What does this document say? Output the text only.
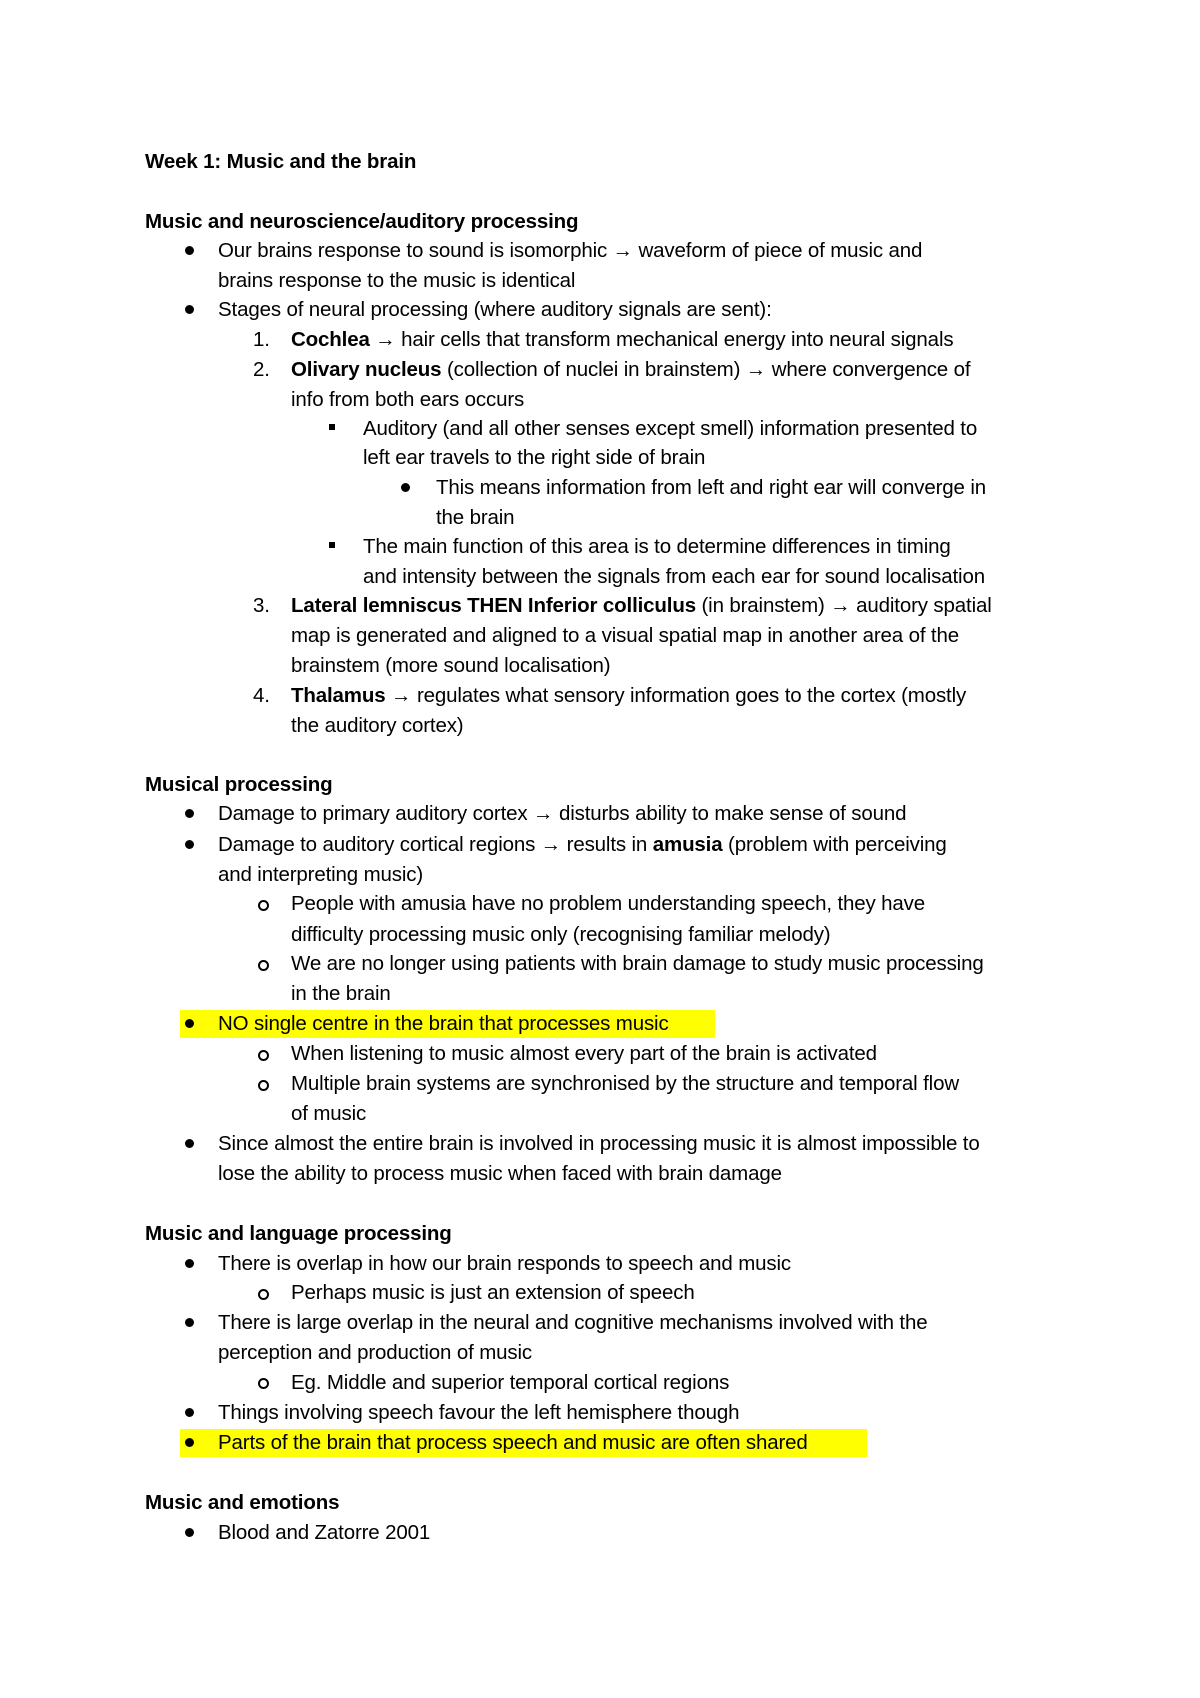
Week 1: Music and the brain
Music and neuroscience/auditory processing
Our brains response to sound is isomorphic → waveform of piece of music and
brains response to the music is identical
Stages of neural processing (where auditory signals are sent):
1. Cochlea → hair cells that transform mechanical energy into neural signals
2. Olivary nucleus (collection of nuclei in brainstem) → where convergence of
info from both ears occurs
Auditory (and all other senses except smell) information presented to
left ear travels to the right side of brain
This means information from left and right ear will converge in
the brain
The main function of this area is to determine differences in timing
and intensity between the signals from each ear for sound localisation
3. Lateral lemniscus THEN Inferior colliculus (in brainstem) → auditory spatial
map is generated and aligned to a visual spatial map in another area of the
brainstem (more sound localisation)
4. Thalamus → regulates what sensory information goes to the cortex (mostly
the auditory cortex)
Musical processing
Damage to primary auditory cortex → disturbs ability to make sense of sound
Damage to auditory cortical regions → results in amusia (problem with perceiving
and interpreting music)
People with amusia have no problem understanding speech, they have
difficulty processing music only (recognising familiar melody)
We are no longer using patients with brain damage to study music processing
in the brain
NO single centre in the brain that processes music
When listening to music almost every part of the brain is activated
Multiple brain systems are synchronised by the structure and temporal flow
of music
Since almost the entire brain is involved in processing music it is almost impossible to
lose the ability to process music when faced with brain damage
Music and language processing
There is overlap in how our brain responds to speech and music
Perhaps music is just an extension of speech
There is large overlap in the neural and cognitive mechanisms involved with the
perception and production of music
Eg. Middle and superior temporal cortical regions
Things involving speech favour the left hemisphere though
Parts of the brain that process speech and music are often shared
Music and emotions
Blood and Zatorre 2001
